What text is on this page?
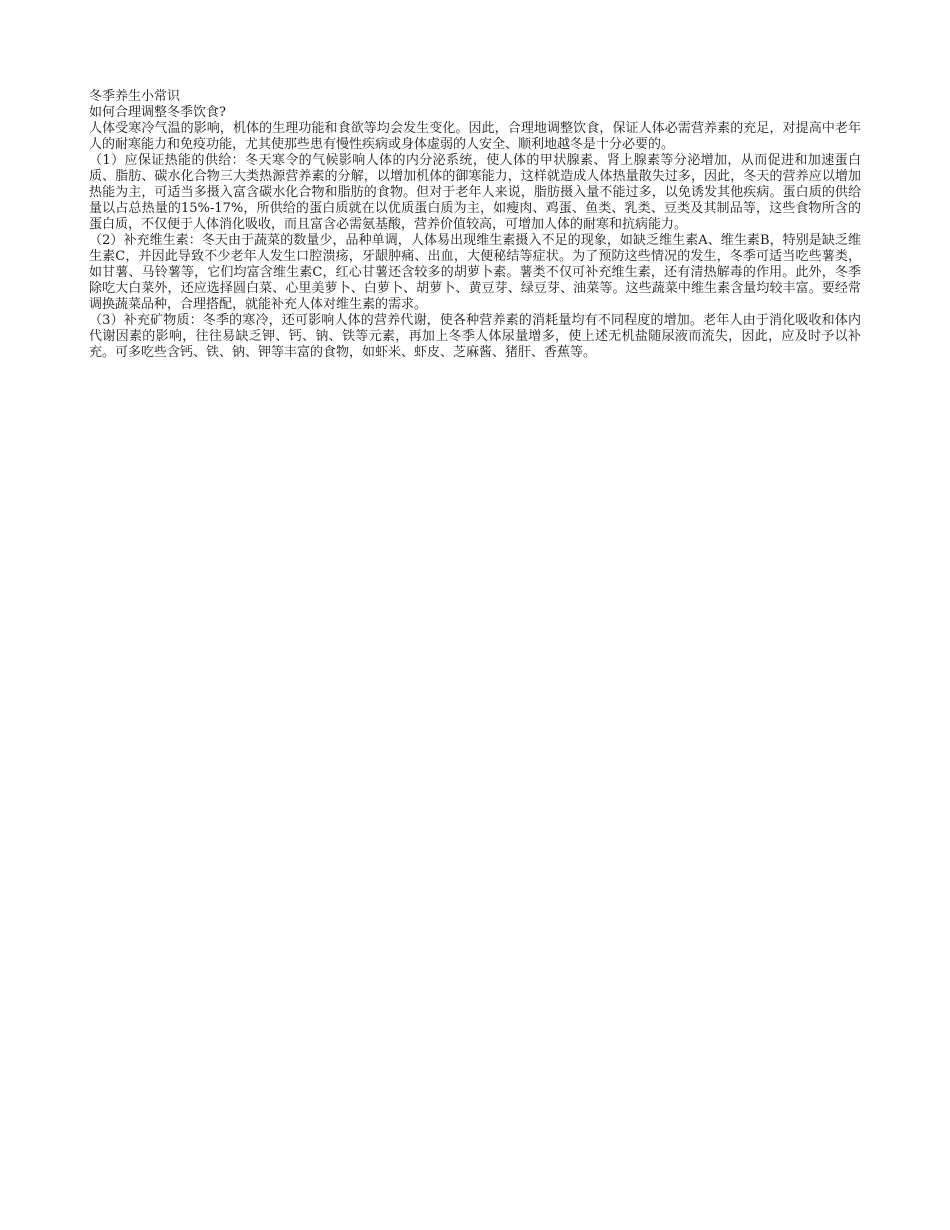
冬季养生小常识

如何合理调整冬季饮食?

人体受寒冷气温的影响，机体的生理功能和食欲等均会发生变化。因此，合理地调整饮食，保证人体必需营养素的充足，对提高中老年人的耐寒能力和免疫功能，尤其使那些患有慢性疾病或身体虚弱的人安全、顺利地越冬是十分必要的。

（1）应保证热能的供给：冬天寒令的气候影响人体的内分泌系统，使人体的甲状腺素、肾上腺素等分泌增加，从而促进和加速蛋白质、脂肪、碳水化合物三大类热源营养素的分解，以增加机体的御寒能力，这样就造成人体热量散失过多，因此，冬天的营养应以增加热能为主，可适当多摄入富含碳水化合物和脂肪的食物。但对于老年人来说，脂肪摄入量不能过多，以免诱发其他疾病。蛋白质的供给量以占总热量的15%-17%，所供给的蛋白质就在以优质蛋白质为主，如瘦肉、鸡蛋、鱼类、乳类、豆类及其制品等，这些食物所含的蛋白质，不仅便于人体消化吸收，而且富含必需氨基酸，营养价值较高，可增加人体的耐寒和抗病能力。

（2）补充维生素：冬天由于蔬菜的数量少，品种单调，人体易出现维生素摄入不足的现象，如缺乏维生素A、维生素B，特别是缺乏维生素C，并因此导致不少老年人发生口腔溃疡，牙龈肿痛、出血，大便秘结等症状。为了预防这些情况的发生，冬季可适当吃些薯类，如甘薯、马铃薯等，它们均富含维生素C，红心甘薯还含较多的胡萝卜素。薯类不仅可补充维生素，还有清热解毒的作用。此外，冬季除吃大白菜外，还应选择圆白菜、心里美萝卜、白萝卜、胡萝卜、黄豆芽、绿豆芽、油菜等。这些蔬菜中维生素含量均较丰富。要经常调换蔬菜品种，合理搭配，就能补充人体对维生素的需求。

（3）补充矿物质：冬季的寒冷，还可影响人体的营养代谢，使各种营养素的消耗量均有不同程度的增加。老年人由于消化吸收和体内代谢因素的影响，往往易缺乏钾、钙、钠、铁等元素，再加上冬季人体尿量增多，使上述无机盐随尿液而流失，因此，应及时予以补充。可多吃些含钙、铁、钠、钾等丰富的食物，如虾米、虾皮、芝麻酱、猪肝、香蕉等。
